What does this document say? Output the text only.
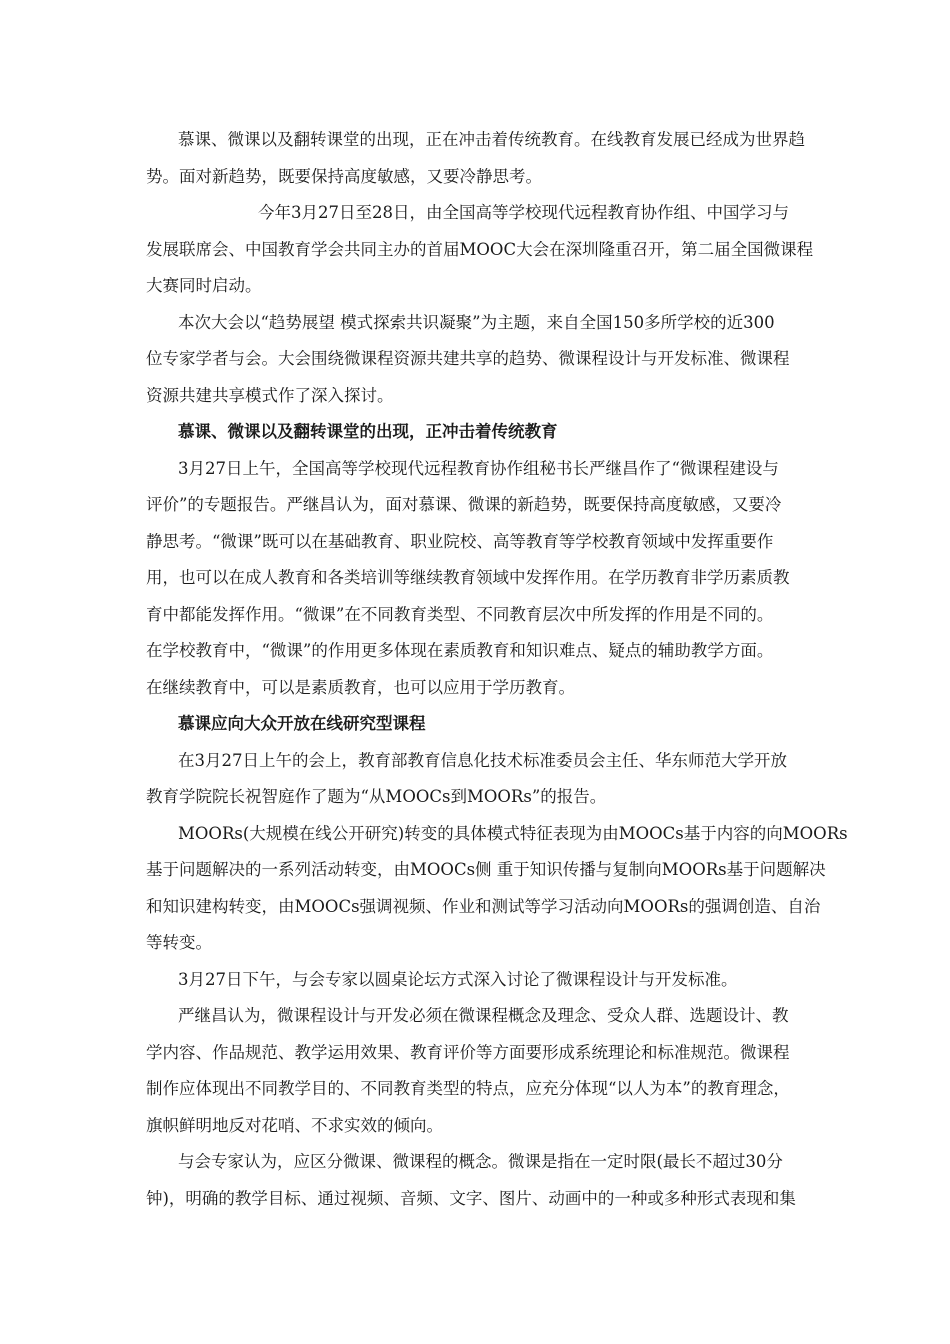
慕课、微课以及翻转课堂的出现，正在冲击着传统教育。在线教育发展已经成为世界趋

势。面对新趋势，既要保持高度敏感，又要冷静思考。

今年3月27日至28日，由全国高等学校现代远程教育协作组、中国学习与

发展联席会、中国教育学会共同主办的首届MOOC大会在深圳隆重召开，第二届全国微课程

大赛同时启动。

本次大会以“趋势展望 模式探索共识凝聚”为主题，来自全国150多所学校的近300

位专家学者与会。大会围绕微课程资源共建共享的趋势、微课程设计与开发标准、微课程

资源共建共享模式作了深入探讨。

慕课、微课以及翻转课堂的出现，正冲击着传统教育

3月27日上午，全国高等学校现代远程教育协作组秘书长严继昌作了“微课程建设与

评价”的专题报告。严继昌认为，面对慕课、微课的新趋势，既要保持高度敏感，又要冷

静思考。“微课”既可以在基础教育、职业院校、高等教育等学校教育领域中发挥重要作

用，也可以在成人教育和各类培训等继续教育领域中发挥作用。在学历教育非学历素质教

育中都能发挥作用。“微课”在不同教育类型、不同教育层次中所发挥的作用是不同的。

在学校教育中，“微课”的作用更多体现在素质教育和知识难点、疑点的辅助教学方面。

在继续教育中，可以是素质教育，也可以应用于学历教育。

慕课应向大众开放在线研究型课程

在3月27日上午的会上，教育部教育信息化技术标准委员会主任、华东师范大学开放

教育学院院长祝智庭作了题为“从MOOCs到MOORs”的报告。

MOORs(大规模在线公开研究)转变的具体模式特征表现为由MOOCs基于内容的向MOORs

基于问题解决的一系列活动转变，由MOOCs侧 重于知识传播与复制向MOORs基于问题解决

和知识建构转变，由MOOCs强调视频、作业和测试等学习活动向MOORs的强调创造、自治

等转变。

3月27日下午，与会专家以圆桌论坛方式深入讨论了微课程设计与开发标准。

严继昌认为，微课程设计与开发必须在微课程概念及理念、受众人群、选题设计、教

学内容、作品规范、教学运用效果、教育评价等方面要形成系统理论和标准规范。微课程

制作应体现出不同教学目的、不同教育类型的特点，应充分体现“以人为本”的教育理念，

旗帜鲜明地反对花哨、不求实效的倾向。

与会专家认为，应区分微课、微课程的概念。微课是指在一定时限(最长不超过30分

钟)，明确的教学目标、通过视频、音频、文字、图片、动画中的一种或多种形式表现和集
